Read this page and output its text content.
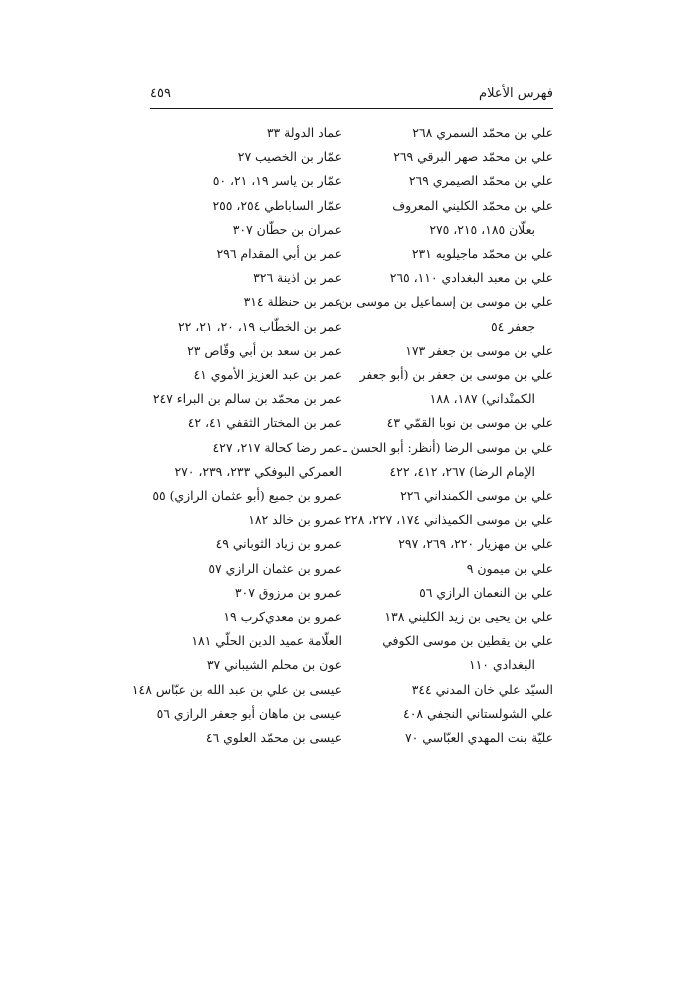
فهرس الأعلام
٤٥٩
علي بن محمّد السمري ٢٦٨
علي بن محمّد صهر البرقي ٢٦٩
علي بن محمّد الصيمري ٢٦٩
علي بن محمّد الكليني المعروف
بعلّان ١٨٥، ٢١٥، ٢٧٥
علي بن محمّد ماجيلويه ٢٣١
علي بن معبد البغدادي ١١٠، ٢٦٥
علي بن موسى بن إسماعيل بن موسى بن
جعفر ٥٤
علي بن موسى بن جعفر ١٧٣
علي بن موسى بن جعفر بن (أبو جعفر
الكمنْداني) ١٨٧، ١٨٨
علي بن موسى بن نوبا القمّي ٤٣
علي بن موسى الرضا (أنظر: أبو الحسن ـ
الإمام الرضا) ٢٦٧، ٤١٢، ٤٢٢
علي بن موسى الكمنداني ٢٢٦
علي بن موسى الكميذاني ١٧٤، ٢٢٧، ٢٢٨
علي بن مهزيار ٢٢٠، ٢٦٩، ٢٩٧
علي بن ميمون ٩
علي بن النعمان الرازي ٥٦
علي بن يحيى بن زيد الكليني ١٣٨
علي بن يقطين بن موسى الكوفي
البغدادي ١١٠
السيّد علي خان المدني ٣٤٤
علي الشولستاني النجفي ٤٠٨
عليّة بنت المهدي العبّاسي ٧٠
عماد الدولة ٣٣
عمّار بن الخصيب ٢٧
عمّار بن ياسر ١٩، ٢١، ٥٠
عمّار الساباطي ٢٥٤، ٢٥٥
عمران بن حطّان ٣٠٧
عمر بن أبي المقدام ٢٩٦
عمر بن اذينة ٣٢٦
عمر بن حنظلة ٣١٤
عمر بن الخطّاب ١٩، ٢٠، ٢١، ٢٢
عمر بن سعد بن أبي وقّاص ٢٣
عمر بن عبد العزيز الأموي ٤١
عمر بن محمّد بن سالم بن البراء ٢٤٧
عمر بن المختار الثقفي ٤١، ٤٢
عمر رضا كحالة ٢١٧، ٤٢٧
العمركي البوفكي ٢٣٣، ٢٣٩، ٢٧٠
عمرو بن جميع (أبو عثمان الرازي) ٥٥
عمرو بن خالد ١٨٢
عمرو بن زياد الثوباني ٤٩
عمرو بن عثمان الرازي ٥٧
عمرو بن مرزوق ٣٠٧
عمرو بن معدي‌كرب ١٩
العلّامة عميد الدين الحلّي ١٨١
عون بن محلم الشيباني ٣٧
عيسى بن علي بن عبد الله بن عبّاس ١٤٨
عيسى بن ماهان أبو جعفر الرازي ٥٦
عيسى بن محمّد العلوي ٤٦
